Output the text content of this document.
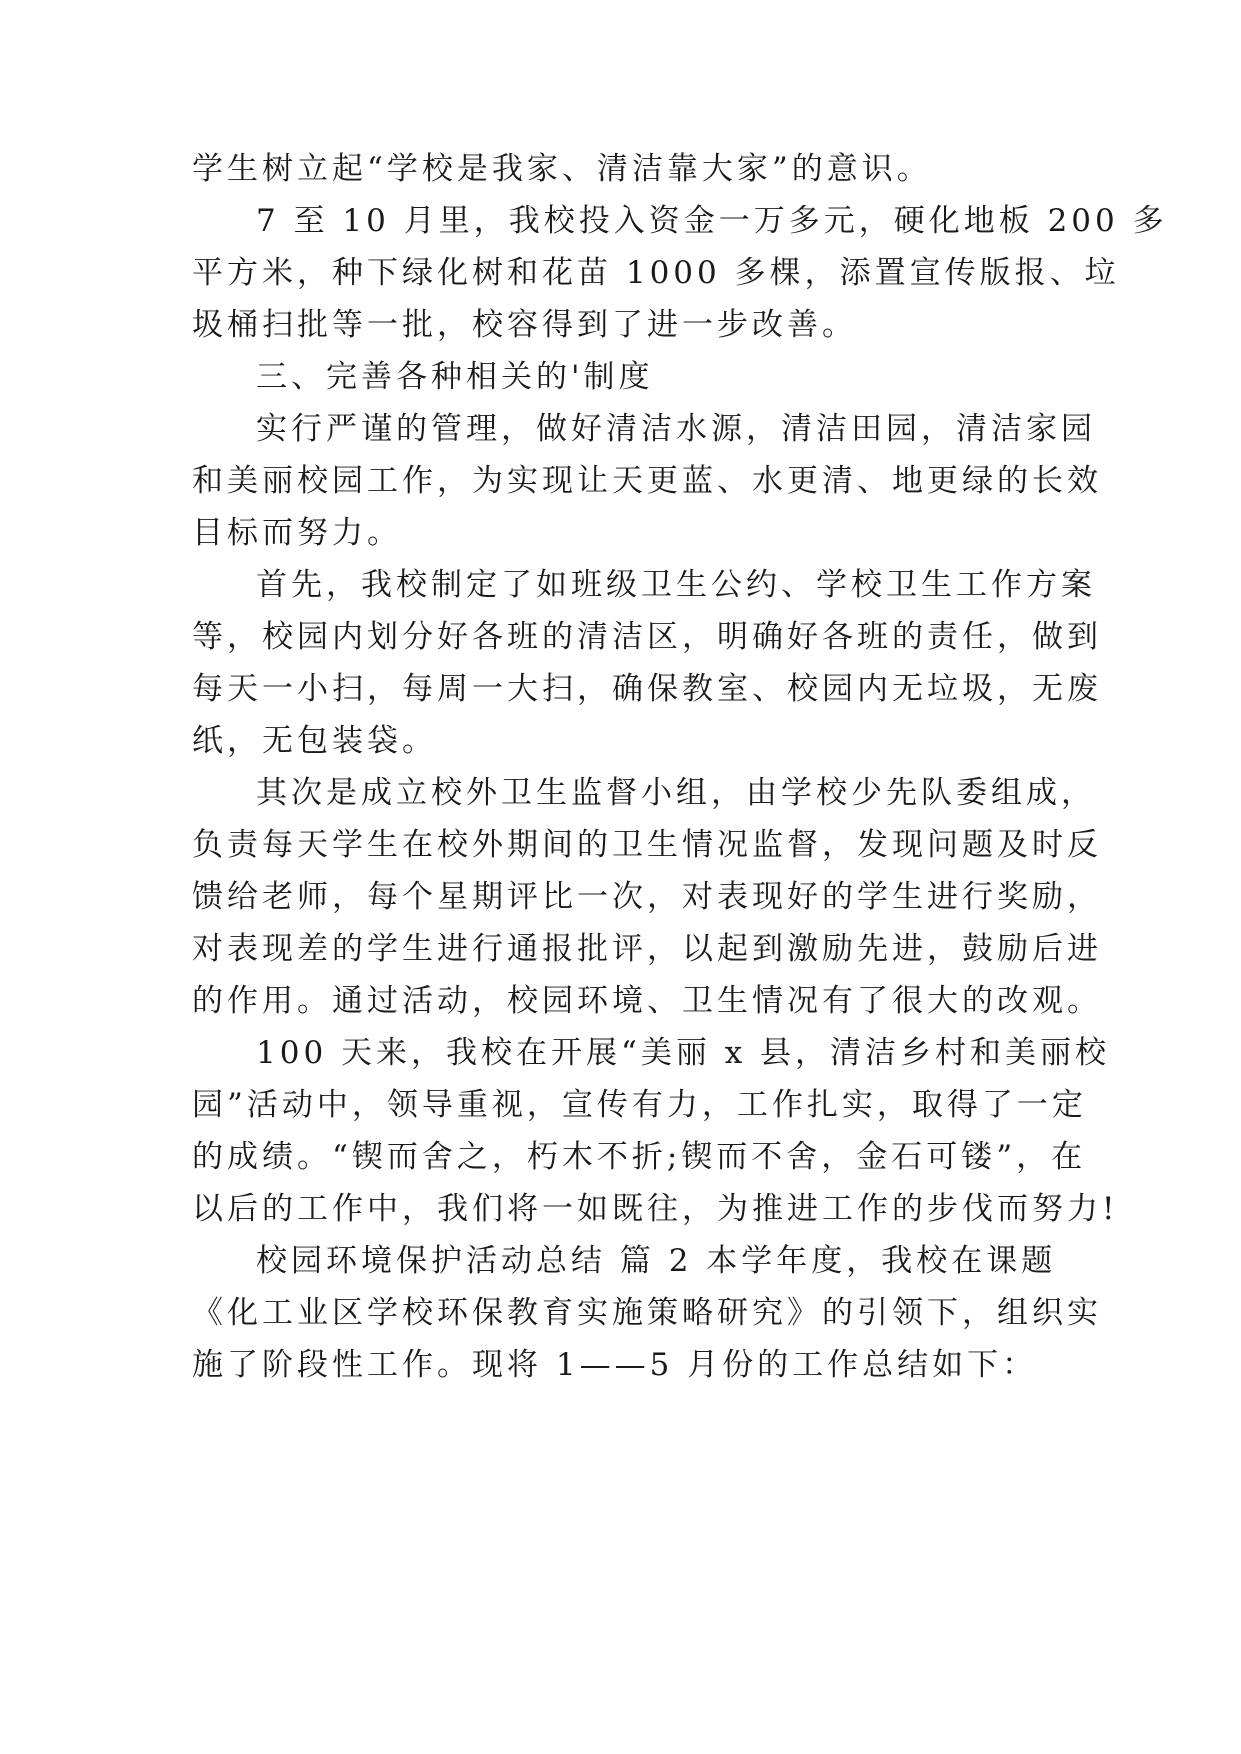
学生树立起“学校是我家、清洁靠大家”的意识。
7 至 10 月里，我校投入资金一万多元，硬化地板 200 多
平方米，种下绿化树和花苗 1000 多棵，添置宣传版报、垃
圾桶扫批等一批，校容得到了进一步改善。
三、完善各种相关的'制度
实行严谨的管理，做好清洁水源，清洁田园，清洁家园
和美丽校园工作，为实现让天更蓝、水更清、地更绿的长效
目标而努力。
首先，我校制定了如班级卫生公约、学校卫生工作方案
等，校园内划分好各班的清洁区，明确好各班的责任，做到
每天一小扫，每周一大扫，确保教室、校园内无垃圾，无废
纸，无包装袋。
其次是成立校外卫生监督小组，由学校少先队委组成，
负责每天学生在校外期间的卫生情况监督，发现问题及时反
馈给老师，每个星期评比一次，对表现好的学生进行奖励，
对表现差的学生进行通报批评，以起到激励先进，鼓励后进
的作用。通过活动，校园环境、卫生情况有了很大的改观。
100 天来，我校在开展“美丽 x 县，清洁乡村和美丽校
园”活动中，领导重视，宣传有力，工作扎实，取得了一定
的成绩。“锲而舍之，朽木不折;锲而不舍，金石可镂”，在
以后的工作中，我们将一如既往，为推进工作的步伐而努力!
校园环境保护活动总结 篇 2 本学年度，我校在课题
《化工业区学校环保教育实施策略研究》的引领下，组织实
施了阶段性工作。现将 1——5 月份的工作总结如下：
